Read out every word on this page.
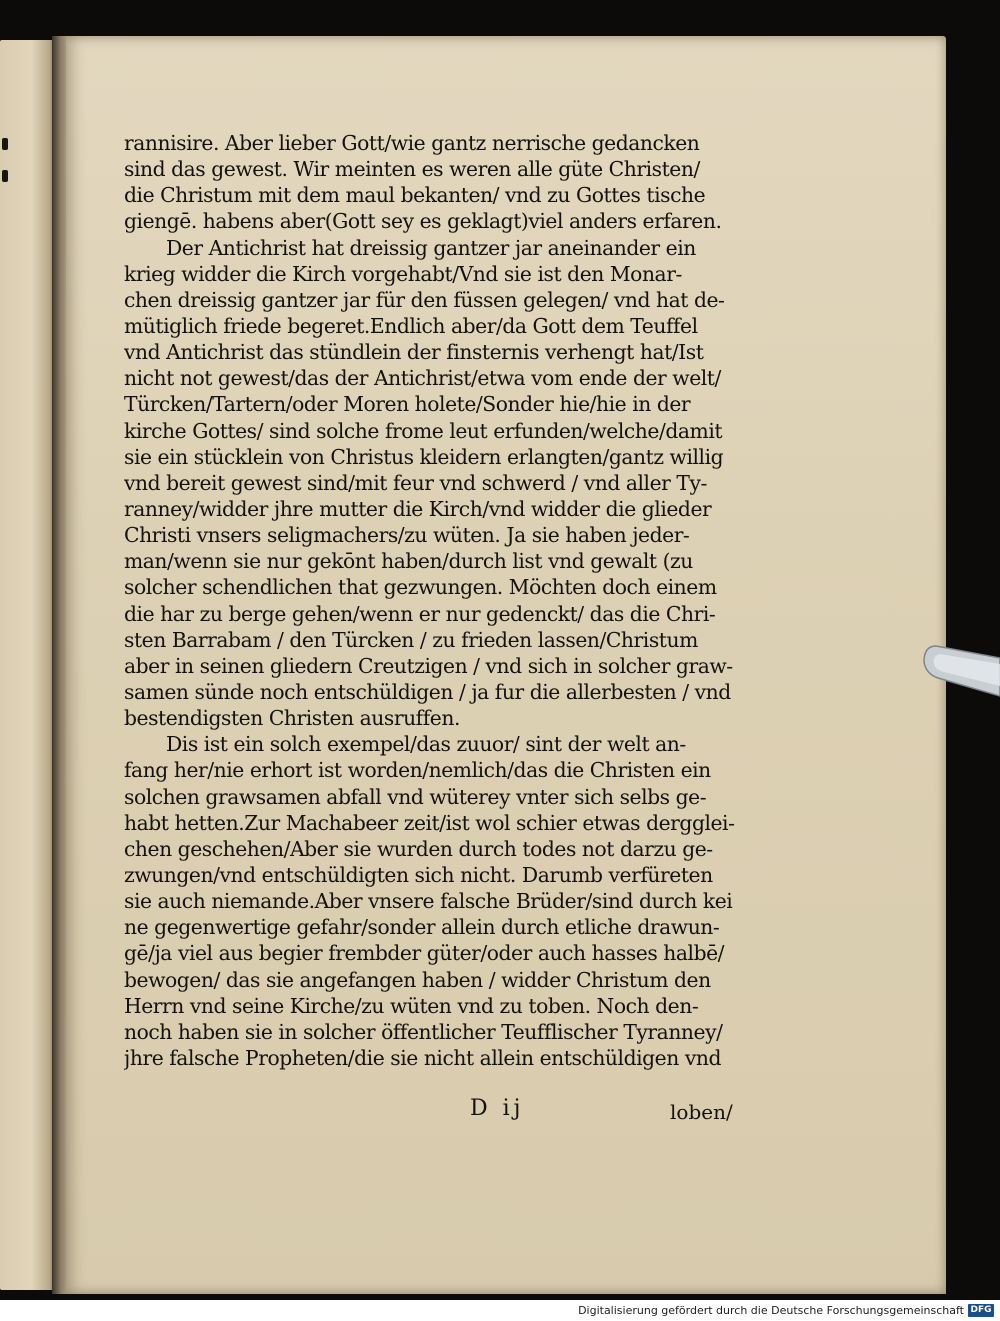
rannisire. Aber lieber Gott/wie gantz nerrische gedancken
sind das gewest. Wir meinten es weren alle güte Christen/
die Christum mit dem maul bekanten/ vnd zu Gottes tische
giengē. habens aber(Gott sey es geklagt)viel anders erfaren.
Der Antichrist hat dreissig gantzer jar aneinander ein
krieg widder die Kirch vorgehabt/Vnd sie ist den Monar-
chen dreissig gantzer jar für den füssen gelegen/ vnd hat de-
mütiglich friede begeret.Endlich aber/da Gott dem Teuffel
vnd Antichrist das stündlein der finsternis verhengt hat/Ist
nicht not gewest/das der Antichrist/etwa vom ende der welt/
Türcken/Tartern/oder Moren holete/Sonder hie/hie in der
kirche Gottes/ sind solche frome leut erfunden/welche/damit
sie ein stücklein von Christus kleidern erlangten/gantz willig
vnd bereit gewest sind/mit feur vnd schwerd / vnd aller Ty-
ranney/widder jhre mutter die Kirch/vnd widder die glieder
Christi vnsers seligmachers/zu wüten. Ja sie haben jeder-
man/wenn sie nur gekōnt haben/durch list vnd gewalt (zu
solcher schendlichen that gezwungen. Möchten doch einem
die har zu berge gehen/wenn er nur gedenckt/ das die Chri-
sten Barrabam / den Türcken / zu frieden lassen/Christum
aber in seinen gliedern Creutzigen / vnd sich in solcher graw-
samen sünde noch entschüldigen / ja fur die allerbesten / vnd
bestendigsten Christen ausruffen.
Dis ist ein solch exempel/das zuuor/ sint der welt an-
fang her/nie erhort ist worden/nemlich/das die Christen ein
solchen grawsamen abfall vnd wüterey vnter sich selbs ge-
habt hetten.Zur Machabeer zeit/ist wol schier etwas dergglei-
chen geschehen/Aber sie wurden durch todes not darzu ge-
zwungen/vnd entschüldigten sich nicht. Darumb verfüreten
sie auch niemande.Aber vnsere falsche Brüder/sind durch kei
ne gegenwertige gefahr/sonder allein durch etliche drawun-
gē/ja viel aus begier frembder güter/oder auch hasses halbē/
bewogen/ das sie angefangen haben / widder Christum den
Herrn vnd seine Kirche/zu wüten vnd zu toben. Noch den-
noch haben sie in solcher öffentlicher Teufflischer Tyranney/
jhre falsche Propheten/die sie nicht allein entschüldigen vnd
D ij	loben/
Digitalisierung gefördert durch die Deutsche Forschungsgemeinschaft DFG
